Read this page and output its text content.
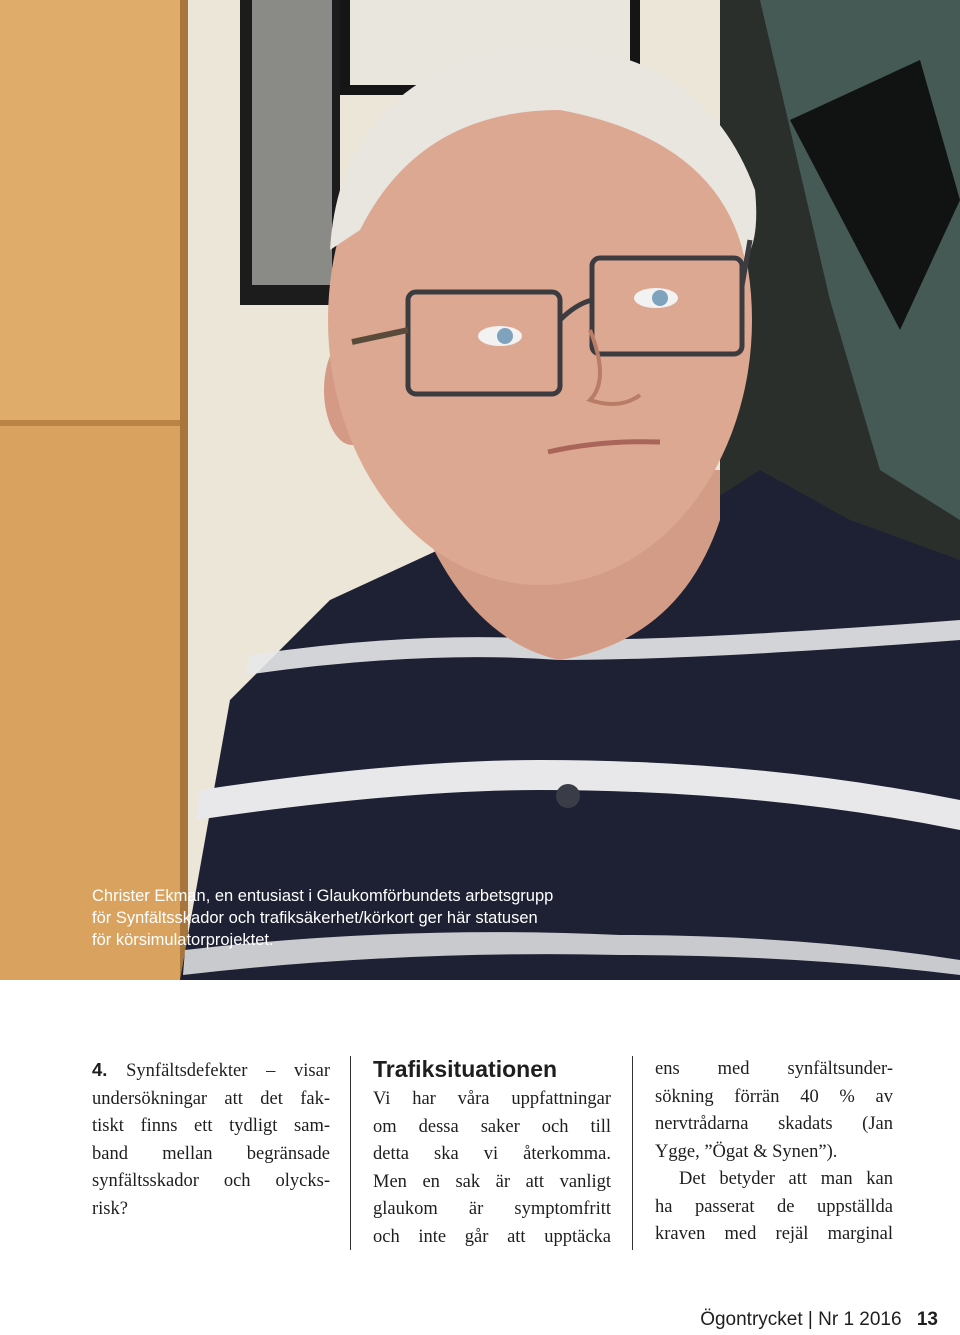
Christer Ekman, en entusiast i Glaukomförbundets arbetsgrupp
för Synfältsskador och trafiksäkerhet/körkort ger här statusen
för körsimulatorprojektet.
4. Synfältsdefekter – visar
undersökningar att det fak-
tiskt finns ett tydligt sam-
band mellan begränsade
synfältsskador och olycks-
risk?
Trafiksituationen
Vi har våra uppfattningar
om dessa saker och till
detta ska vi återkomma.
Men en sak är att vanligt
glaukom är symptomfritt
och inte går att upptäcka
ens med synfältsunder-
sökning förrän 40 % av
nervtrådarna skadats (Jan
Ygge, ”Ögat & Synen”).
Det betyder att man kan
ha passerat de uppställda
kraven med rejäl marginal
Ögontrycket | Nr 1 2016 13
